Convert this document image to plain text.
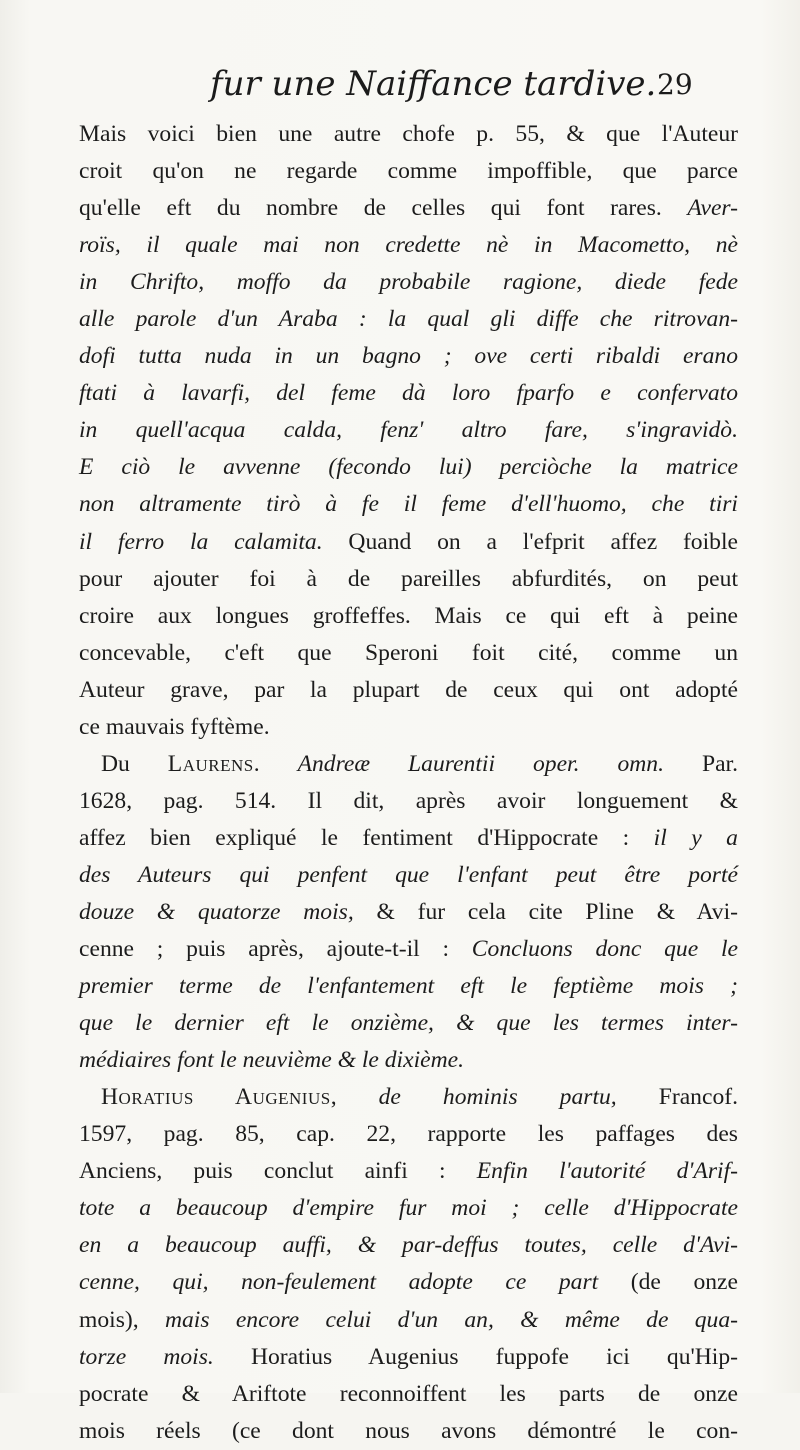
fur une Naiffance tardive. 29
Mais voici bien une autre chofe p. 55, & que l'Auteur
croit qu'on ne regarde comme impoffible, que parce
qu'elle eft du nombre de celles qui font rares. Aver-
roïs, il quale mai non credette nè in Macometto, nè
in Chrifto, moffo da probabile ragione, diede fede
alle parole d'un Araba : la qual gli diffe che ritrovan-
dofi tutta nuda in un bagno ; ove certi ribaldi erano
ftati à lavarfi, del feme dà loro fparfo e confervato
in quell'acqua calda, fenz' altro fare, s'ingravidò.
E ciò le avvenne (fecondo lui) perciòche la matrice
non altramente tirò à fe il feme d'ell'huomo, che tiri
il ferro la calamita. Quand on a l'efprit affez foible
pour ajouter foi à de pareilles abfurdités, on peut
croire aux longues groffeffes. Mais ce qui eft à peine
concevable, c'eft que Speroni foit cité, comme un
Auteur grave, par la plupart de ceux qui ont adopté
ce mauvais fyftème.
Du Laurens. Andreæ Laurentii oper. omn. Par.
1628, pag. 514. Il dit, après avoir longuement &
affez bien expliqué le fentiment d'Hippocrate : il y a
des Auteurs qui penfent que l'enfant peut être porté
douze & quatorze mois, & fur cela cite Pline & Avi-
cenne ; puis après, ajoute-t-il : Concluons donc que le
premier terme de l'enfantement eft le feptième mois ;
que le dernier eft le onzième, & que les termes inter-
médiaires font le neuvième & le dixième.
Horatius Augenius, de hominis partu, Francof.
1597, pag. 85, cap. 22, rapporte les paffages des
Anciens, puis conclut ainfi : Enfin l'autorité d'Arif-
tote a beaucoup d'empire fur moi ; celle d'Hippocrate
en a beaucoup auffi, & par-deffus toutes, celle d'Avi-
cenne, qui, non-feulement adopte ce part (de onze
mois), mais encore celui d'un an, & même de qua-
torze mois. Horatius Augenius fuppofe ici qu'Hip-
pocrate & Ariftote reconnoiffent les parts de onze
mois réels (ce dont nous avons démontré le con-
